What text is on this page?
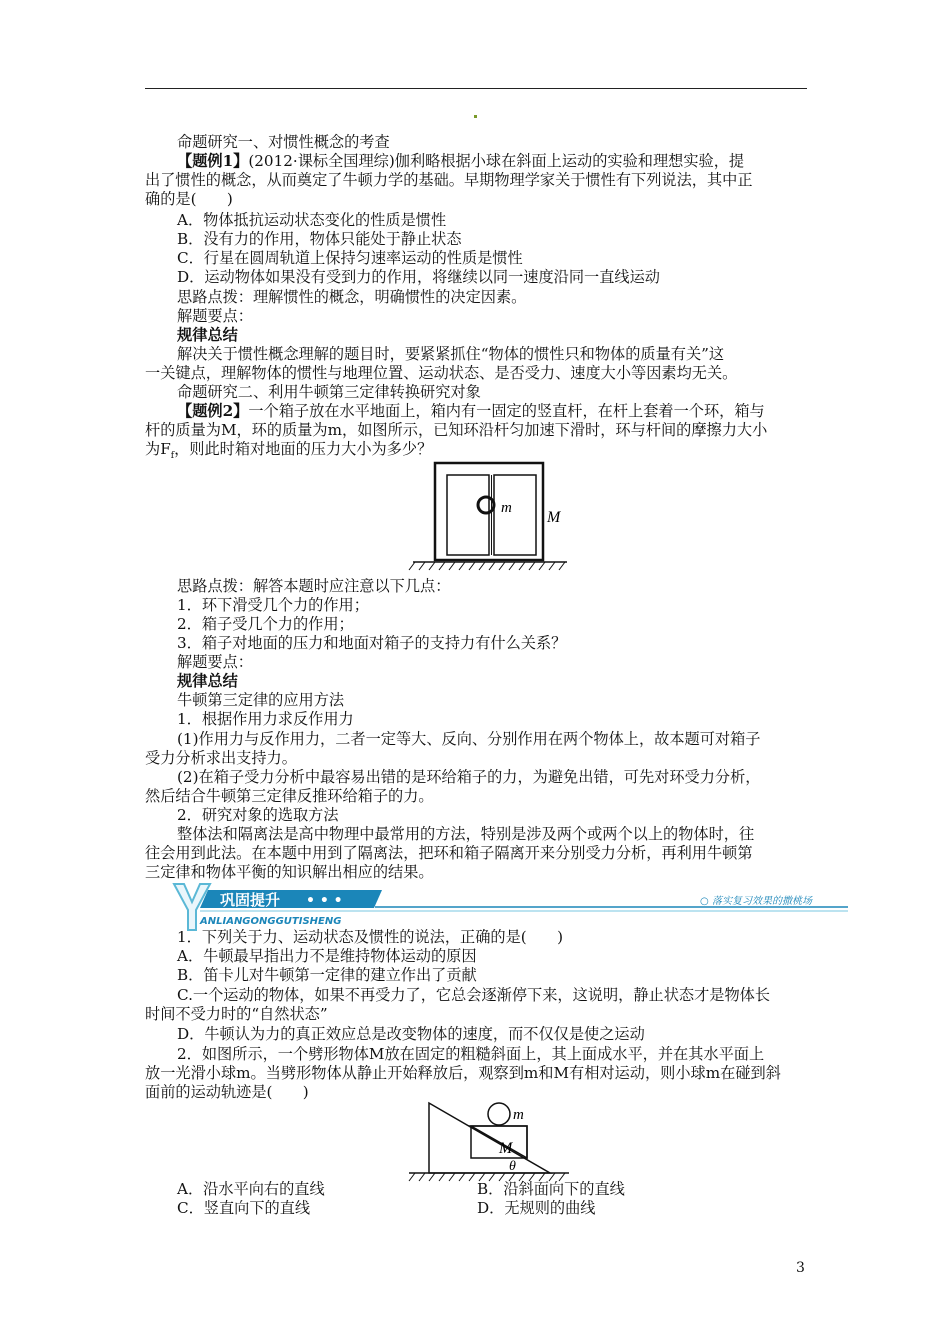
命题研究一、对惯性概念的考查
【题例1】(2012·课标全国理综)伽利略根据小球在斜面上运动的实验和理想实验，提
出了惯性的概念，从而奠定了牛顿力学的基础。早期物理学家关于惯性有下列说法，其中正
确的是(　　)
A．物体抵抗运动状态变化的性质是惯性
B．没有力的作用，物体只能处于静止状态
C．行星在圆周轨道上保持匀速率运动的性质是惯性
D．运动物体如果没有受到力的作用，将继续以同一速度沿同一直线运动
思路点拨：理解惯性的概念，明确惯性的决定因素。
解题要点：
规律总结
解决关于惯性概念理解的题目时，要紧紧抓住“物体的惯性只和物体的质量有关”这
一关键点，理解物体的惯性与地理位置、运动状态、是否受力、速度大小等因素均无关。
命题研究二、利用牛顿第三定律转换研究对象
【题例2】一个箱子放在水平地面上，箱内有一固定的竖直杆，在杆上套着一个环，箱与
杆的质量为M，环的质量为m，如图所示，已知环沿杆匀加速下滑时，环与杆间的摩擦力大小
为$F_f$，则此时箱对地面的压力大小为多少？
m
M
思路点拨：解答本题时应注意以下几点：
1．环下滑受几个力的作用；
2．箱子受几个力的作用；
3．箱子对地面的压力和地面对箱子的支持力有什么关系？
解题要点：
规律总结
牛顿第三定律的应用方法
1．根据作用力求反作用力
(1)作用力与反作用力，二者一定等大、反向、分别作用在两个物体上，故本题可对箱子
受力分析求出支持力。
(2)在箱子受力分析中最容易出错的是环给箱子的力，为避免出错，可先对环受力分析，
然后结合牛顿第三定律反推环给箱子的力。
2．研究对象的选取方法
整体法和隔离法是高中物理中最常用的方法，特别是涉及两个或两个以上的物体时，往
往会用到此法。在本题中用到了隔离法，把环和箱子隔离开来分别受力分析，再利用牛顿第
三定律和物体平衡的知识解出相应的结果。
巩固提升 • • •
ANLIANGONGGUTISHENG
○ 落实复习效果的撒桃场
1．下列关于力、运动状态及惯性的说法，正确的是(　　)
A．牛顿最早指出力不是维持物体运动的原因
B．笛卡儿对牛顿第一定律的建立作出了贡献
C.一个运动的物体，如果不再受力了，它总会逐渐停下来，这说明，静止状态才是物体长
时间不受力时的“自然状态”
D．牛顿认为力的真正效应总是改变物体的速度，而不仅仅是使之运动
2．如图所示，一个劈形物体M放在固定的粗糙斜面上，其上面成水平，并在其水平面上
放一光滑小球m。当劈形物体从静止开始释放后，观察到m和M有相对运动，则小球m在碰到斜
面前的运动轨迹是(　　)
m
M
θ
A．沿水平向右的直线	B．沿斜面向下的直线
C．竖直向下的直线	D．无规则的曲线
3
